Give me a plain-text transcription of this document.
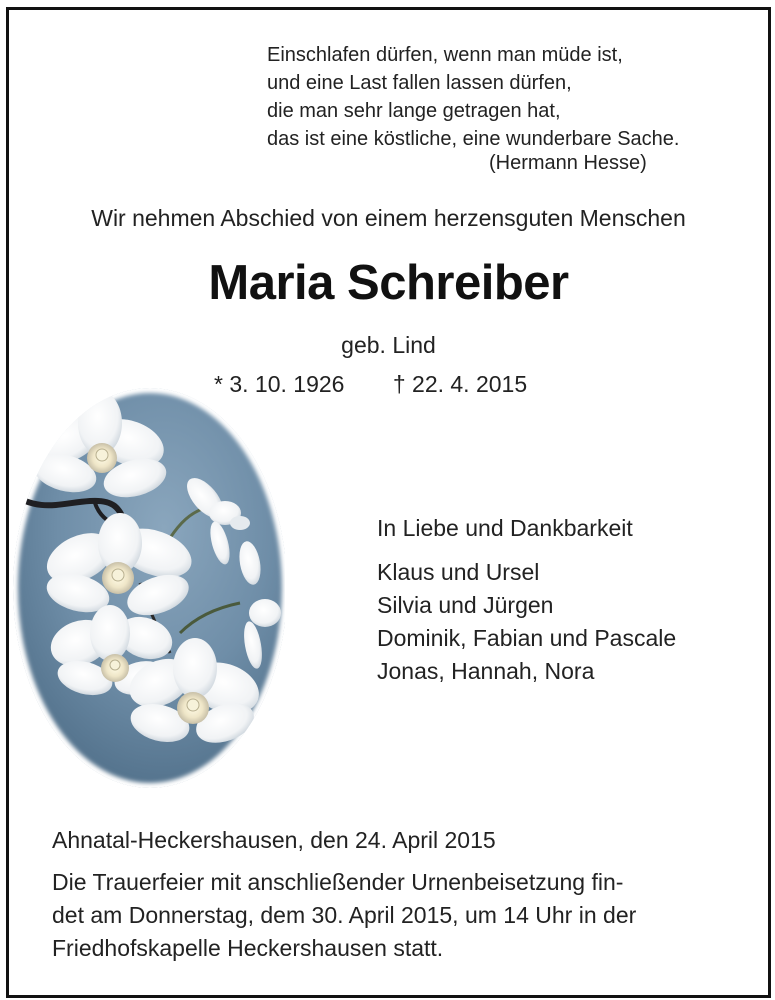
Einschlafen dürfen, wenn man müde ist,
und eine Last fallen lassen dürfen,
die man sehr lange getragen hat,
das ist eine köstliche, eine wunderbare Sache.
(Hermann Hesse)
Wir nehmen Abschied von einem herzensguten Menschen
Maria Schreiber
geb. Lind
* 3. 10. 1926 † 22. 4. 2015
In Liebe und Dankbarkeit
Klaus und Ursel
Silvia und Jürgen
Dominik, Fabian und Pascale
Jonas, Hannah, Nora
Ahnatal-Heckershausen, den 24. April 2015
Die Trauerfeier mit anschließender Urnenbeisetzung fin-
det am Donnerstag, dem 30. April 2015, um 14 Uhr in der
Friedhofskapelle Heckershausen statt.
